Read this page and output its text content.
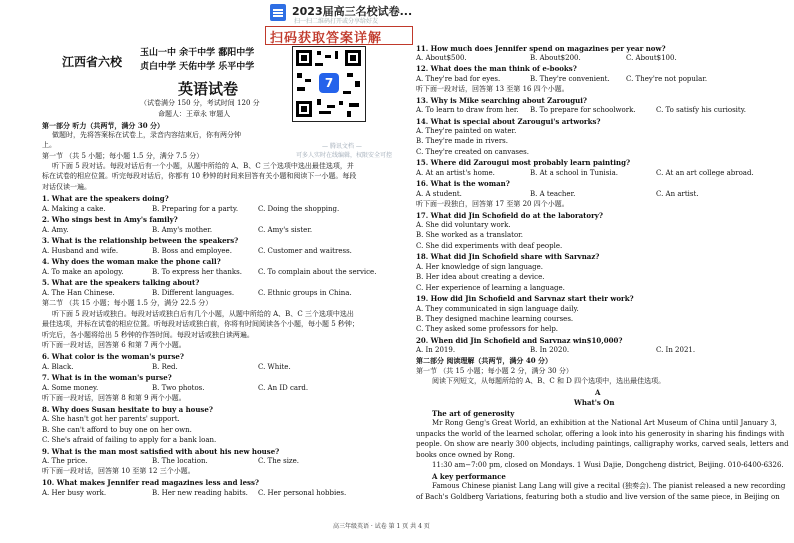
2023届高三名校试卷...
扫一扫二维码打开或分享给好友
扫码获取答案详解
7
— 腾讯文档 —
可多人实时在线编辑，权限安全可控
江西省六校
玉山一中 余干中学 鄱阳中学
贞白中学 天佑中学 乐平中学
英语试卷
（试卷满分 150 分，考试时间 120 分
命题人：王章永 审题人
第一部分 听力（共两节，满分 30 分）
做题时，先将答案标在试卷上，录音内容结束后，你有两分钟
上。
第一节 （共 5 小题；每小题 1.5 分，满分 7.5 分）
听下面 5 段对话。每段对话后有一个小题，从题中所给的 A、B、C 三个选项中选出最佳选项，并
标在试卷的相应位置。听完每段对话后，你都有 10 秒钟的时间来回答有关小题和阅读下一小题。每段
对话仅读一遍。
1. What are the speakers doing?
A. Making a cake.	B. Preparing for a party.	C. Doing the shopping.
2. Who sings best in Amy's family?
A. Amy.	B. Amy's mother.	C. Amy's sister.
3. What is the relationship between the speakers?
A. Husband and wife.	B. Boss and employee.	C. Customer and waitress.
4. Why does the woman make the phone call?
A. To make an apology.	B. To express her thanks. C. To complain about the service.
5. What are the speakers talking about?
A. The Han Chinese.	B. Different languages.	C. Ethnic groups in China.
第二节 （共 15 小题；每小题 1.5 分，满分 22.5 分）
听下面 5 段对话或独白。每段对话或独白后有几个小题，从题中所给的 A、B、C 三个选项中选出
最佳选项，并标在试卷的相应位置。听每段对话或独白前，你将有时间阅读各个小题，每小题 5 秒钟；
听完后，各小题将给出 5 秒钟的作答时间。每段对话或独白读两遍。
听下面一段对话，回答第 6 和第 7 两个小题。
6. What color is the woman's purse?
A. Black.	B. Red.	C. White.
7. What is in the woman's purse?
A. Some money.	B. Two photos.	C. An ID card.
听下面一段对话，回答第 8 和第 9 两个小题。
8. Why does Susan hesitate to buy a house?
A. She hasn't got her parents' support.
B. She can't afford to buy one on her own.
C. She's afraid of failing to apply for a bank loan.
9. What is the man most satisfied with about his new house?
A. The price.	B. The location.	C. The size.
听下面一段对话，回答第 10 至第 12 三个小题。
10. What makes Jennifer read magazines less and less?
A. Her busy work.	B. Her new reading habits. C. Her personal hobbies.
11. How much does Jennifer spend on magazines per year now?
A. About$500.	B. About$200.	C. About$100.
12. What does the man think of e-books?
A. They're bad for eyes.	B. They're convenient. C. They're not popular.
听下面一段对话，回答第 13 至第 16 四个小题。
13. Why is Mike searching about Zarougui?
A. To learn to draw from her. B. To prepare for schoolwork.	C. To satisfy his curiosity.
14. What is special about Zarougui's artworks?
A. They're painted on water.
B. They're made in rivers.
C. They're created on canvases.
15. Where did Zarougui most probably learn painting?
A. At an artist's home.	B. At a school in Tunisia.	C. At an art college abroad.
16. What is the woman?
A. A student.	B. A teacher.	C. An artist.
听下面一段独白，回答第 17 至第 20 四个小题。
17. What did Jin Schofield do at the laboratory?
A. She did voluntary work.
B. She worked as a translator.
C. She did experiments with deaf people.
18. What did Jin Schofield share with Sarvnaz?
A. Her knowledge of sign language.
B. Her idea about creating a device.
C. Her experience of learning a language.
19. How did Jin Schofield and Sarvnaz start their work?
A. They communicated in sign language daily.
B. They designed machine learning courses.
C. They asked some professors for help.
20. When did Jin Schofield and Sarvnaz win$10,000?
A. In 2019.	B. In 2020.	C. In 2021.
第二部分 阅读理解（共两节，满分 40 分）
第一节 （共 15 小题；每小题 2 分，满分 30 分）
阅读下列短文，从每题所给的 A、B、C 和 D 四个选项中，选出最佳选项。
A
What's On
The art of generosity
Mr Rong Geng's Great World, an exhibition at the National Art Museum of China until January 3,
unpacks the world of the learned scholar, offering a look into his generosity in sharing his findings with
people. On show are nearly 300 objects, including paintings, calligraphy works, carved seals, letters and
books once owned by Rong.
11:30 am−7:00 pm, closed on Mondays. 1 Wusi Dajie, Dongcheng district, Beijing. 010-6400-6326.
A key performance
Famous Chinese pianist Lang Lang will give a recital (独奏会). The pianist released a new recording
of Bach's Goldberg Variations, featuring both a studio and live version of the same piece, in Beijing on
高三年级英语 · 试卷 第 1 页 共 4 页
